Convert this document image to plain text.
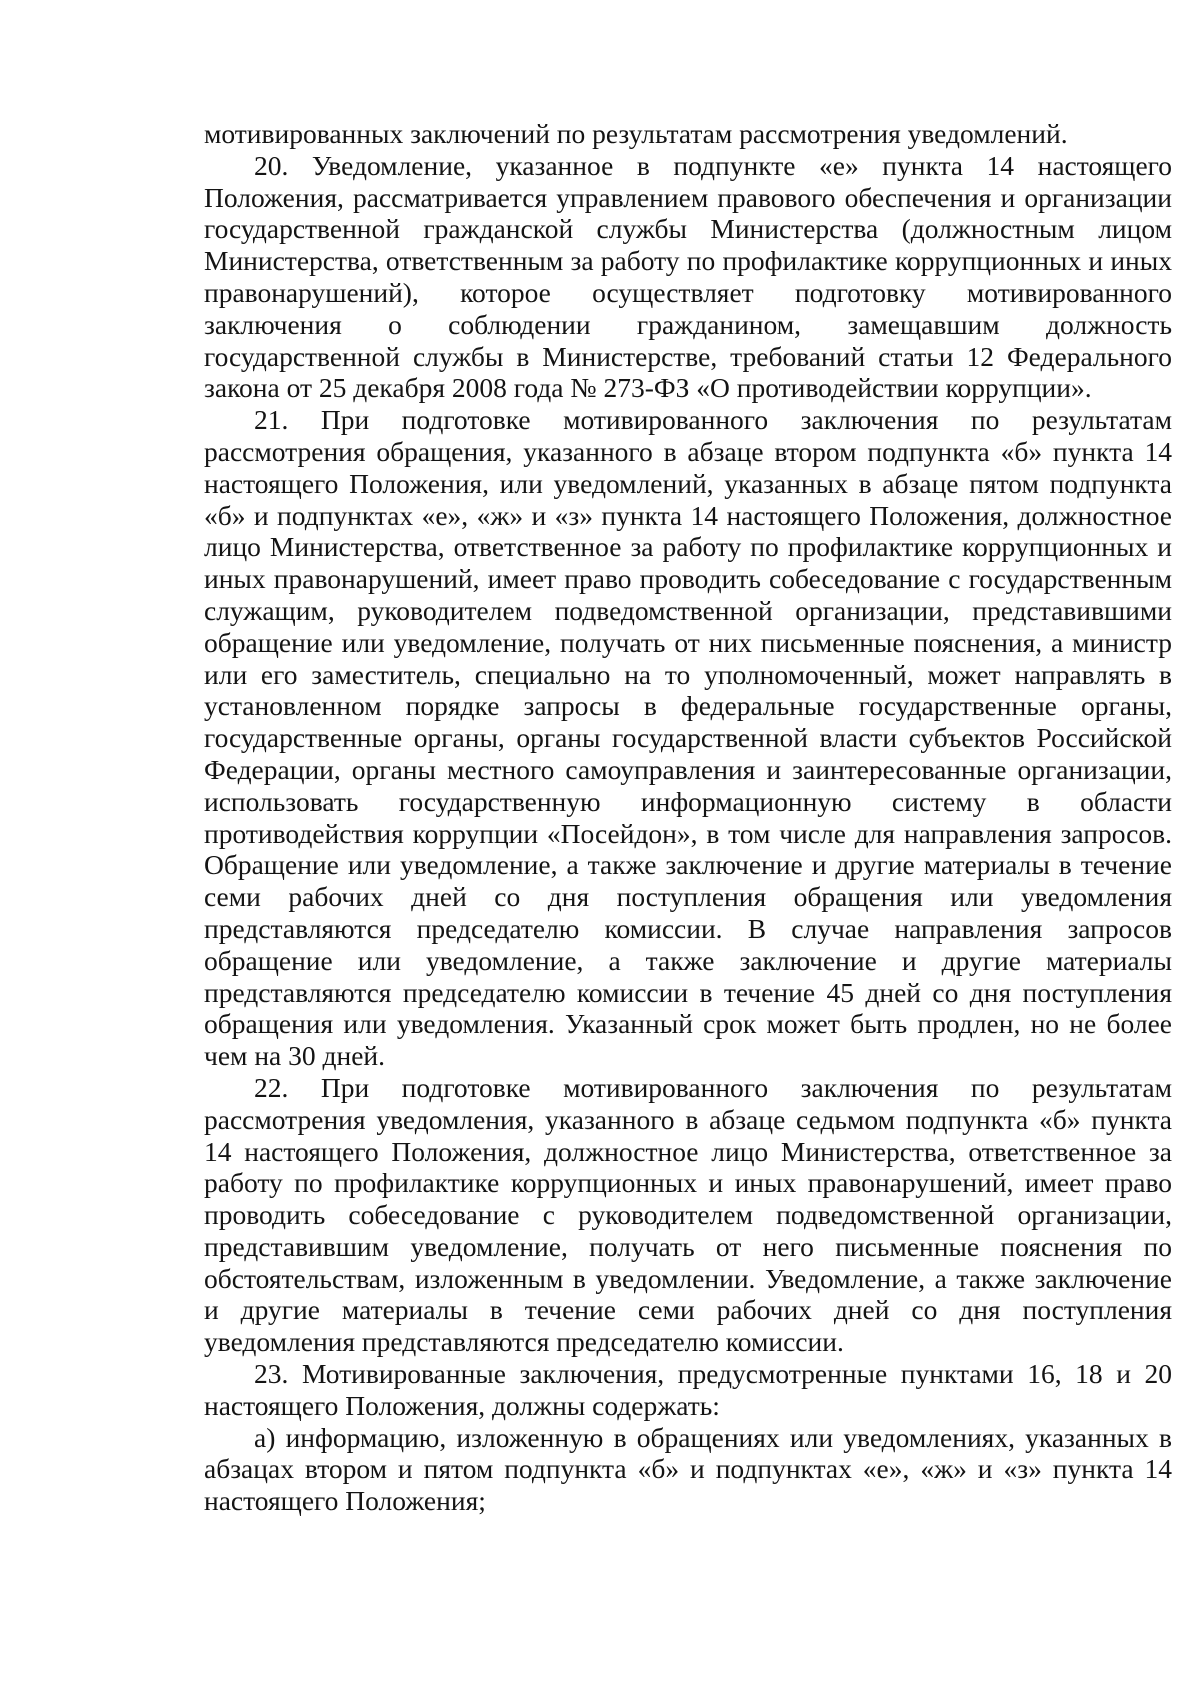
мотивированных заключений по результатам рассмотрения уведомлений.

20. Уведомление, указанное в подпункте «е» пункта 14 настоящего Положения, рассматривается управлением правового обеспечения и организации государственной гражданской службы Министерства (должностным лицом Министерства, ответственным за работу по профилактике коррупционных и иных правонарушений), которое осуществляет подготовку мотивированного заключения о соблюдении гражданином, замещавшим должность государственной службы в Министерстве, требований статьи 12 Федерального закона от 25 декабря 2008 года № 273-ФЗ «О противодействии коррупции».

21. При подготовке мотивированного заключения по результатам рассмотрения обращения, указанного в абзаце втором подпункта «б» пункта 14 настоящего Положения, или уведомлений, указанных в абзаце пятом подпункта «б» и подпунктах «е», «ж» и «з» пункта 14 настоящего Положения, должностное лицо Министерства, ответственное за работу по профилактике коррупционных и иных правонарушений, имеет право проводить собеседование с государственным служащим, руководителем подведомственной организации, представившими обращение или уведомление, получать от них письменные пояснения, а министр или его заместитель, специально на то уполномоченный, может направлять в установленном порядке запросы в федеральные государственные органы, государственные органы, органы государственной власти субъектов Российской Федерации, органы местного самоуправления и заинтересованные организации, использовать государственную информационную систему в области противодействия коррупции «Посейдон», в том числе для направления запросов. Обращение или уведомление, а также заключение и другие материалы в течение семи рабочих дней со дня поступления обращения или уведомления представляются председателю комиссии. В случае направления запросов обращение или уведомление, а также заключение и другие материалы представляются председателю комиссии в течение 45 дней со дня поступления обращения или уведомления. Указанный срок может быть продлен, но не более чем на 30 дней.

22. При подготовке мотивированного заключения по результатам рассмотрения уведомления, указанного в абзаце седьмом подпункта «б» пункта 14 настоящего Положения, должностное лицо Министерства, ответственное за работу по профилактике коррупционных и иных правонарушений, имеет право проводить собеседование с руководителем подведомственной организации, представившим уведомление, получать от него письменные пояснения по обстоятельствам, изложенным в уведомлении. Уведомление, а также заключение и другие материалы в течение семи рабочих дней со дня поступления уведомления представляются председателю комиссии.

23. Мотивированные заключения, предусмотренные пунктами 16, 18 и 20 настоящего Положения, должны содержать:

а) информацию, изложенную в обращениях или уведомлениях, указанных в абзацах втором и пятом подпункта «б» и подпунктах «е», «ж» и «з» пункта 14 настоящего Положения;
